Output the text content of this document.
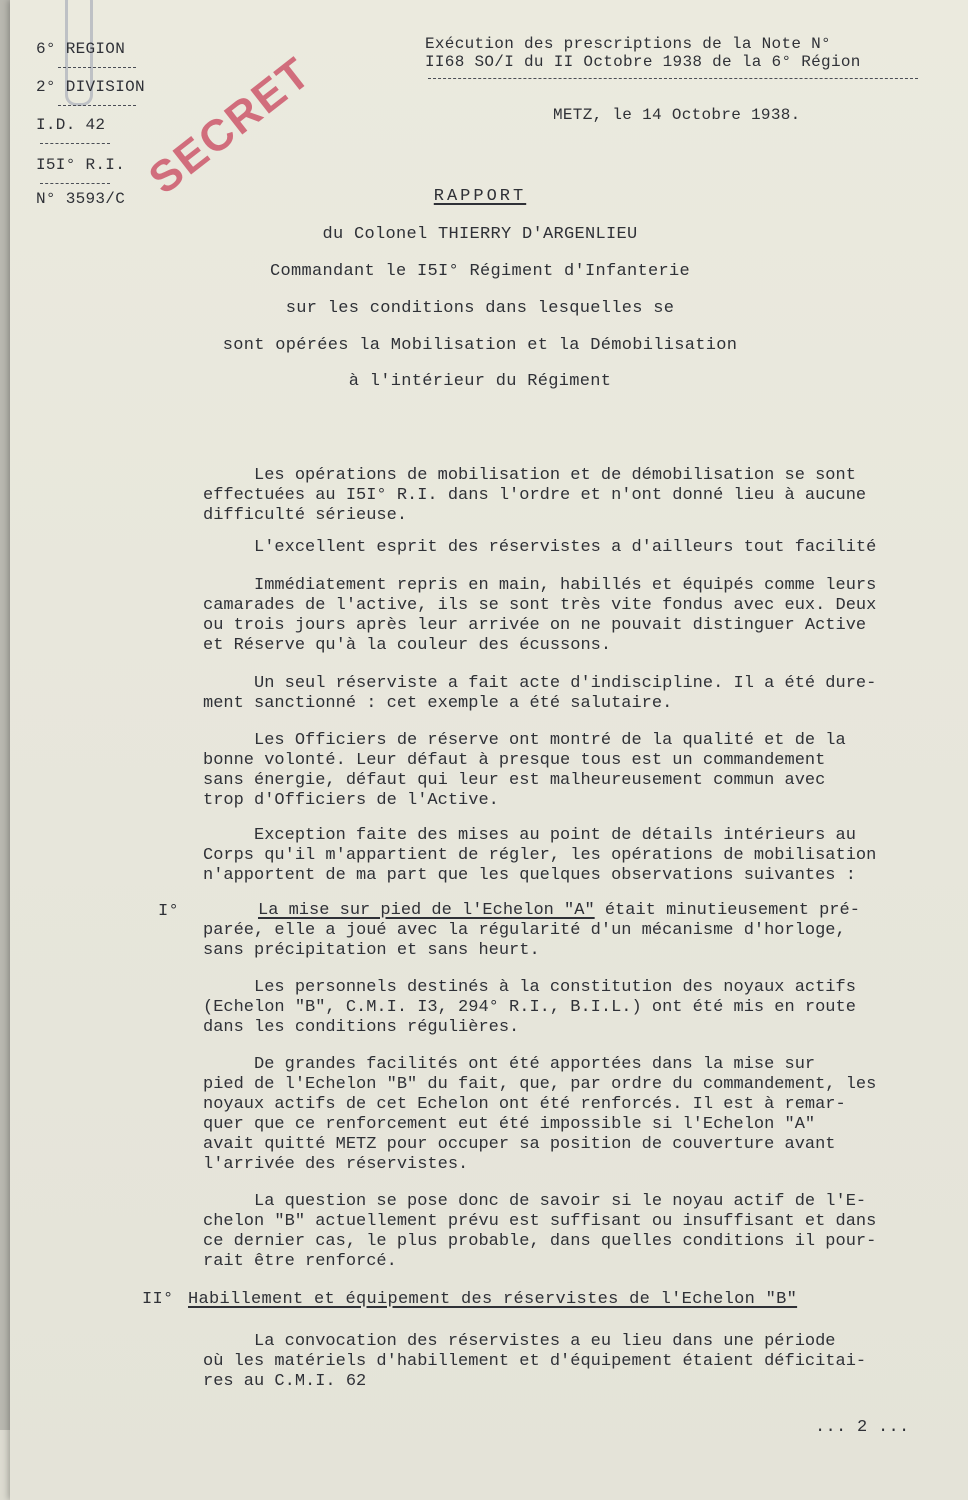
6° REGION
2° DIVISION
I.D. 42
I5I° R.I.
N° 3593/C
Exécution des prescriptions de la Note N°
II68 SO/I du II Octobre 1938 de la 6° Région
METZ, le 14 Octobre 1938.
SECRET	RAPPORT
du Colonel THIERRY D'ARGENLIEU
Commandant le I5I° Régiment d'Infanterie
sur les conditions dans lesquelles se
sont opérées la Mobilisation et la Démobilisation
à l'intérieur du Régiment
Les opérations de mobilisation et de démobilisation se sont
effectuées au I5I° R.I. dans l'ordre et n'ont donné lieu à aucune
difficulté sérieuse.
L'excellent esprit des réservistes a d'ailleurs tout facilité
Immédiatement repris en main, habillés et équipés comme leurs
camarades de l'active, ils se sont très vite fondus avec eux. Deux
ou trois jours après leur arrivée on ne pouvait distinguer Active
et Réserve qu'à la couleur des écussons.
Un seul réserviste a fait acte d'indiscipline. Il a été dure-
ment sanctionné : cet exemple a été salutaire.
Les Officiers de réserve ont montré de la qualité et de la
bonne volonté. Leur défaut à presque tous est un commandement
sans énergie, défaut qui leur est malheureusement commun avec
trop d'Officiers de l'Active.
Exception faite des mises au point de détails intérieurs au
Corps qu'il m'appartient de régler, les opérations de mobilisation
n'apportent de ma part que les quelques observations suivantes :
I°	La mise sur pied de l'Echelon "A" était minutieusement pré-
parée, elle a joué avec la régularité d'un mécanisme d'horloge,
sans précipitation et sans heurt.
Les personnels destinés à la constitution des noyaux actifs
(Echelon "B", C.M.I. I3, 294° R.I., B.I.L.) ont été mis en route
dans les conditions régulières.
De grandes facilités ont été apportées dans la mise sur
pied de l'Echelon "B" du fait, que, par ordre du commandement, les
noyaux actifs de cet Echelon ont été renforcés. Il est à remar-
quer que ce renforcement eut été impossible si l'Echelon "A"
avait quitté METZ pour occuper sa position de couverture avant
l'arrivée des réservistes.
La question se pose donc de savoir si le noyau actif de l'E-
chelon "B" actuellement prévu est suffisant ou insuffisant et dans
ce dernier cas, le plus probable, dans quelles conditions il pour-
rait être renforcé.
II° Habillement et équipement des réservistes de l'Echelon "B"
La convocation des réservistes a eu lieu dans une période
où les matériels d'habillement et d'équipement étaient déficitai-
res au C.M.I. 62
... 2 ...
